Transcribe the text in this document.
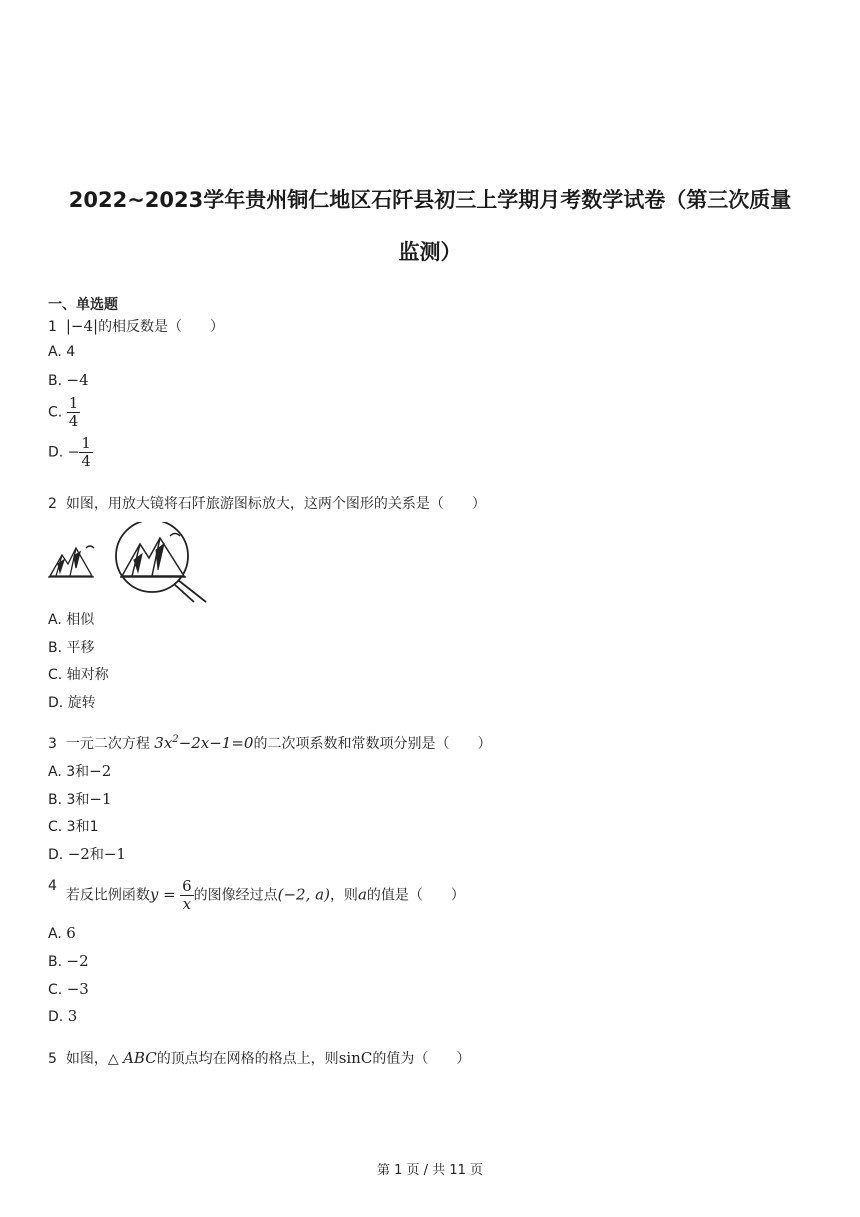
2022~2023学年贵州铜仁地区石阡县初三上学期月考数学试卷（第三次质量
监测）
一、单选题
1 |−4|的相反数是（　　）
A. 4
B. −4
C. $\frac{1}{4}$
D. − $\frac{1}{4}$
2 如图，用放大镜将石阡旅游图标放大，这两个图形的关系是（　　）
A. 相似
B. 平移
C. 轴对称
D. 旋转
3 一元二次方程 $3x^2-2x-1=0$的二次项系数和常数项分别是（　　）
A. 3和−2
B. 3和−1
C. 3和1
D. −2和−1
4  若反比例函数$y = \frac{6}{x}$ 的图像经过点(−2, a)，则a的值是（　　）
A. 6
B. −2
C. −3
D. 3
5 如图，△ ABC的顶点均在网格的格点上，则sinC的值为（　　）
第 1 页 / 共 11 页
